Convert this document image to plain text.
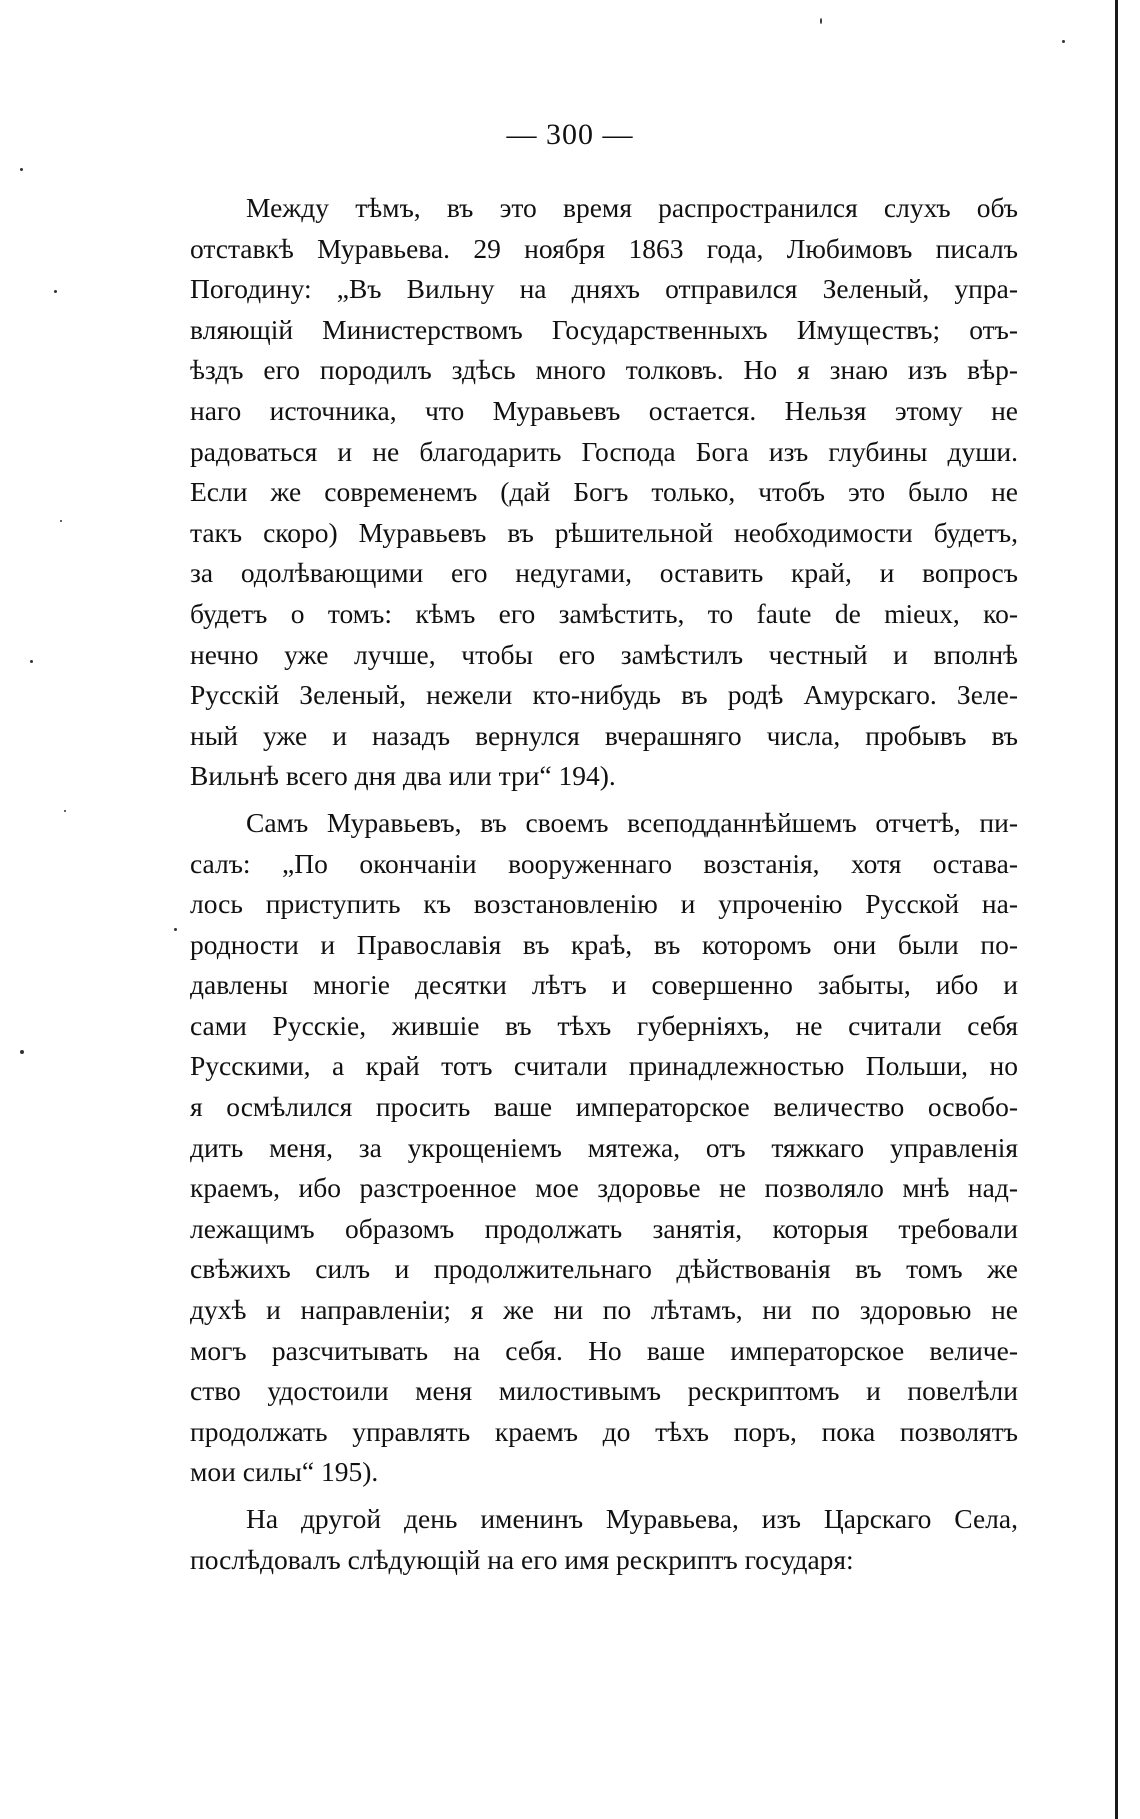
— 300 —
Между тѣмъ, въ это время распространился слухъ объ
отставкѣ Муравьева. 29 ноября 1863 года, Любимовъ писалъ
Погодину: „Въ Вильну на дняхъ отправился Зеленый, упра-
вляющій Министерствомъ Государственныхъ Имуществъ; отъ-
ѣздъ его породилъ здѣсь много толковъ. Но я знаю изъ вѣр-
наго источника, что Муравьевъ остается. Нельзя этому не
радоваться и не благодарить Господа Бога изъ глубины души.
Если же современемъ (дай Богъ только, чтобъ это было не
такъ скоро) Муравьевъ въ рѣшительной необходимости будетъ,
за одолѣвающими его недугами, оставить край, и вопросъ
будетъ о томъ: кѣмъ его замѣстить, то faute de mieux, ко-
нечно уже лучше, чтобы его замѣстилъ честный и вполнѣ
Русскій Зеленый, нежели кто-нибудь въ родѣ Амурскаго. Зеле-
ный уже и назадъ вернулся вчерашняго числа, пробывъ въ
Вильнѣ всего дня два или три“ 194).
Самъ Муравьевъ, въ своемъ всеподданнѣйшемъ отчетѣ, пи-
салъ: „По окончаніи вооруженнаго возстанія, хотя остава-
лось приступить къ возстановленію и упроченію Русской на-
родности и Православія въ краѣ, въ которомъ они были по-
давлены многіе десятки лѣтъ и совершенно забыты, ибо и
сами Русскіе, жившіе въ тѣхъ губерніяхъ, не считали себя
Русскими, а край тотъ считали принадлежностью Польши, но
я осмѣлился просить ваше императорское величество освобо-
дить меня, за укрощеніемъ мятежа, отъ тяжкаго управленія
краемъ, ибо разстроенное мое здоровье не позволяло мнѣ над-
лежащимъ образомъ продолжать занятія, которыя требовали
свѣжихъ силъ и продолжительнаго дѣйствованія въ томъ же
духѣ и направленіи; я же ни по лѣтамъ, ни по здоровью не
могъ разсчитывать на себя. Но ваше императорское величе-
ство удостоили меня милостивымъ рескриптомъ и повелѣли
продолжать управлять краемъ до тѣхъ поръ, пока позволятъ
мои силы“ 195).
На другой день именинъ Муравьева, изъ Царскаго Села,
послѣдовалъ слѣдующій на его имя рескриптъ государя:
